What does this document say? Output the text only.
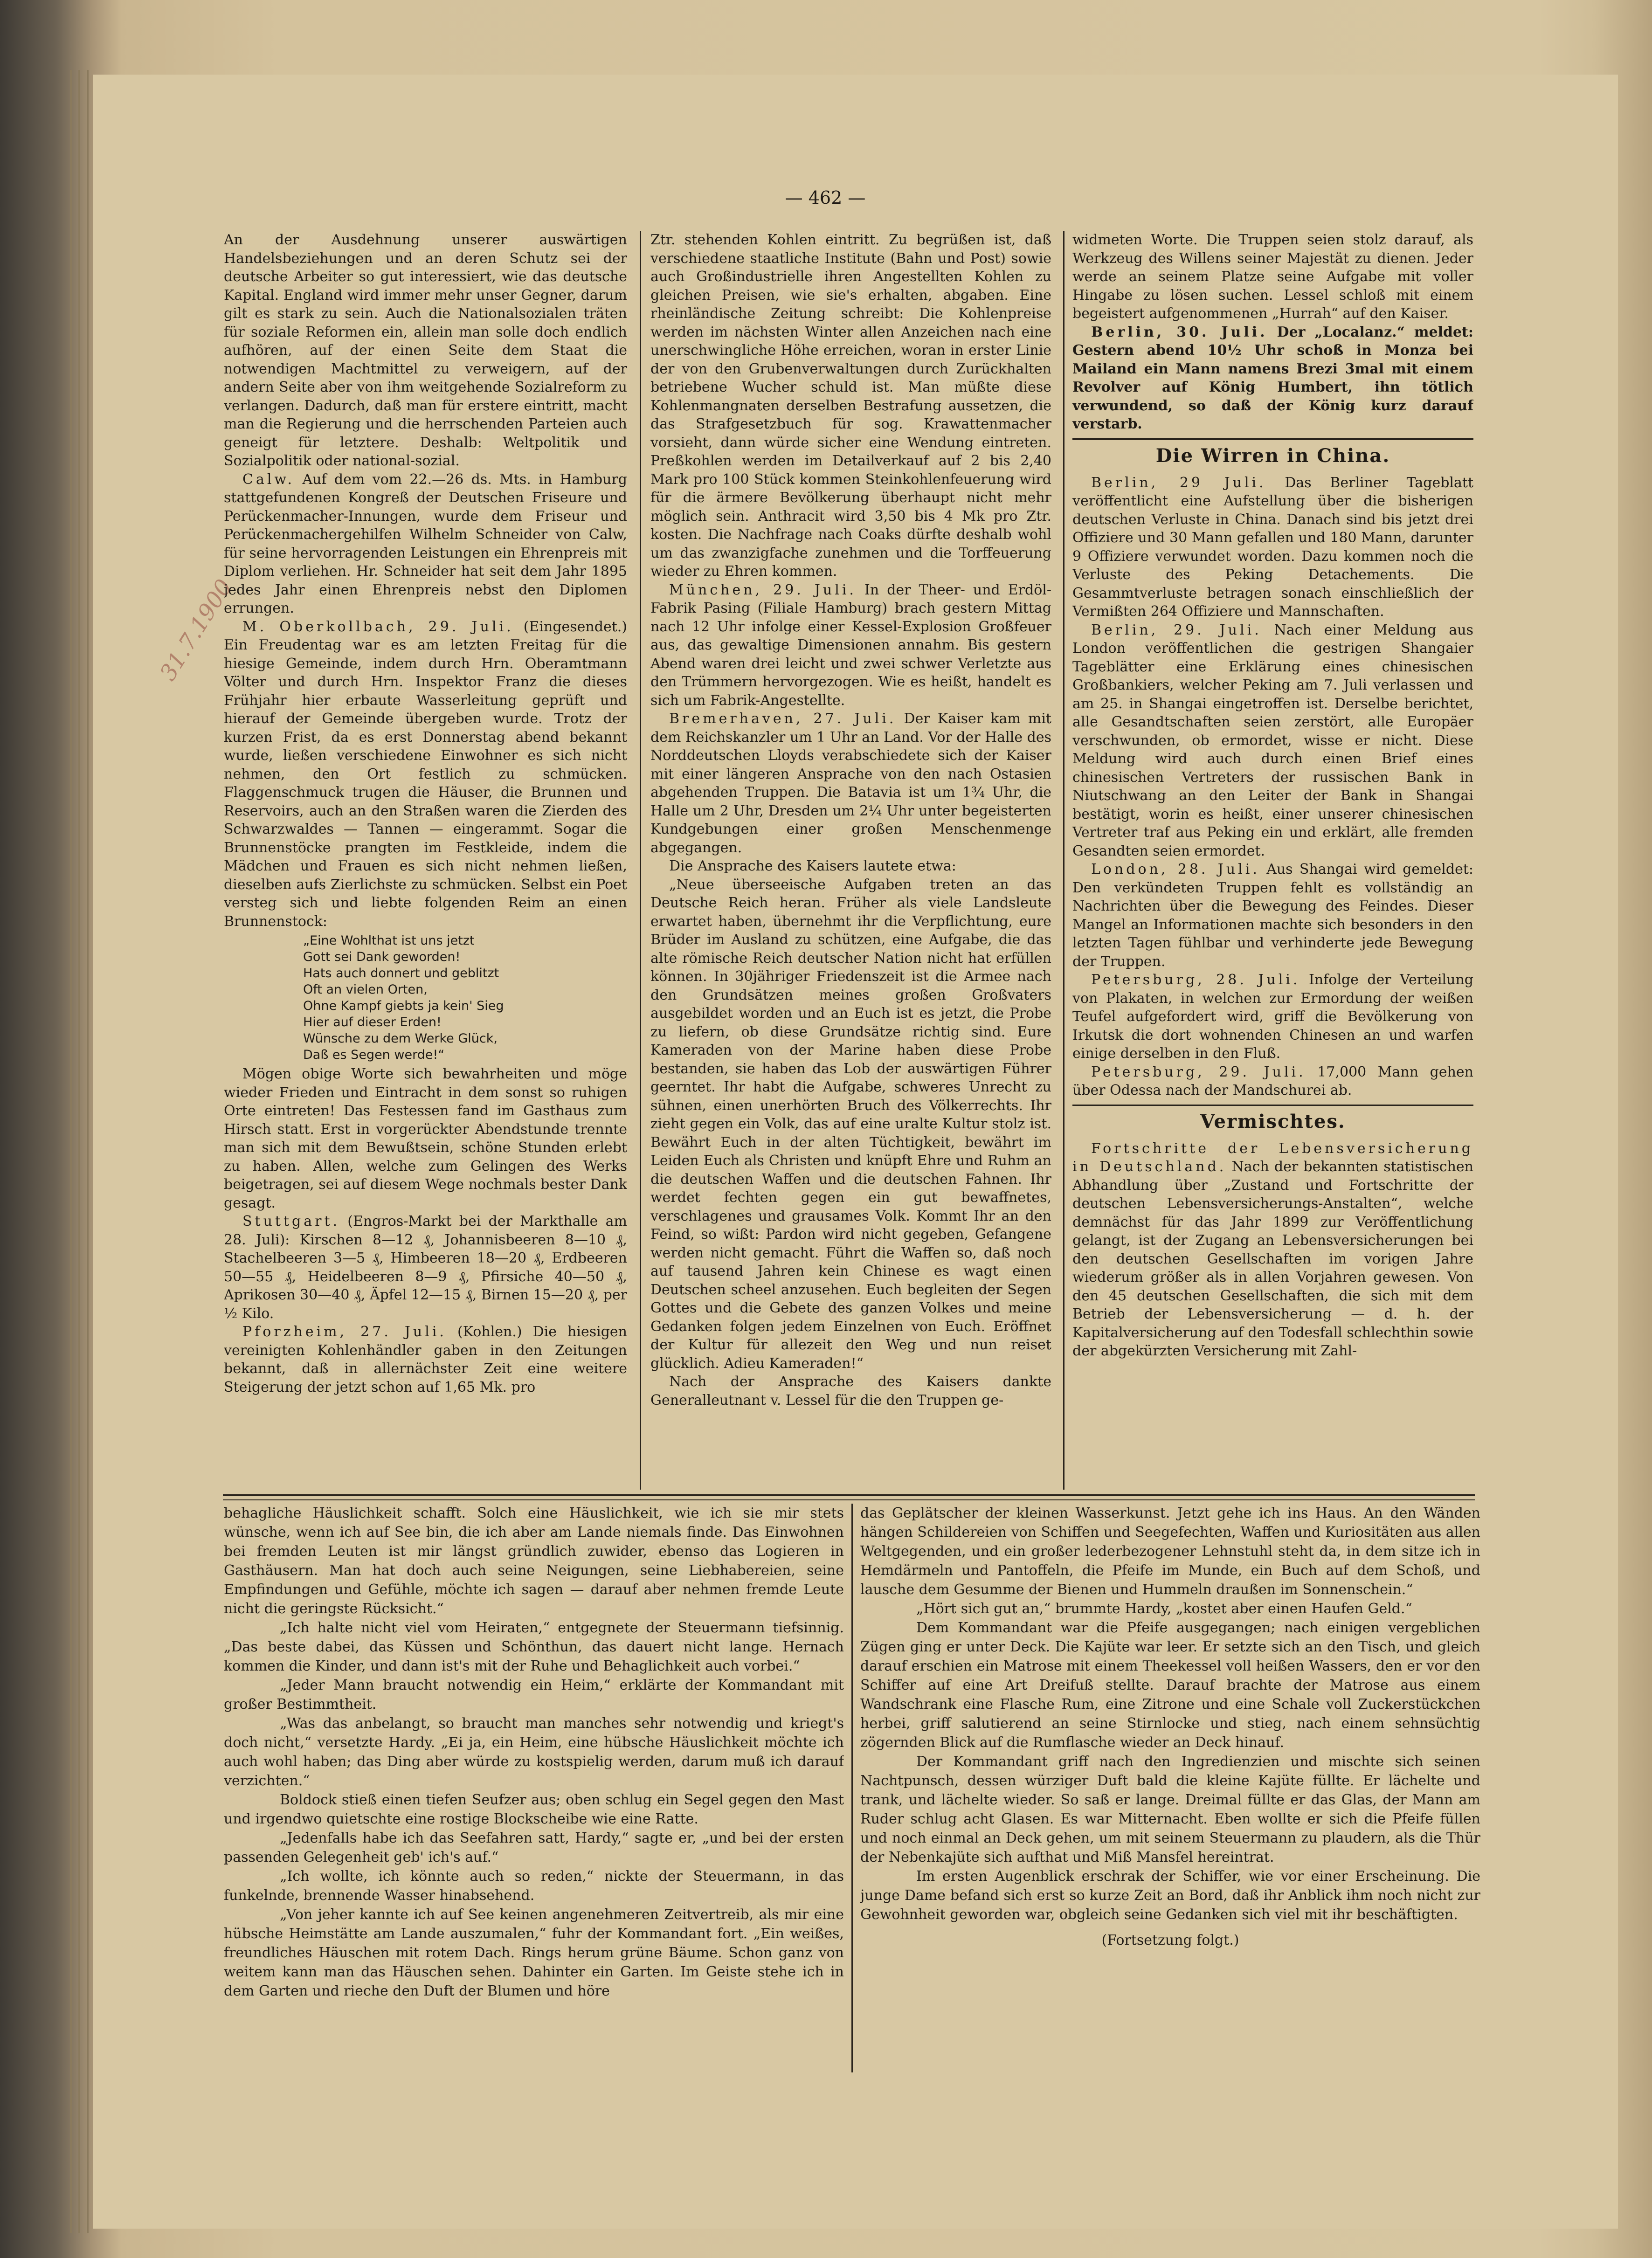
— 462 —
31.7.1900

An der Ausdehnung unserer auswärtigen Handelsbeziehungen und an deren Schutz sei der deutsche Arbeiter so gut interessiert, wie das deutsche Kapital. England wird immer mehr unser Gegner, darum gilt es stark zu sein. Auch die Nationalsozialen träten für soziale Reformen ein, allein man solle doch endlich aufhören, auf der einen Seite dem Staat die notwendigen Machtmittel zu verweigern, auf der andern Seite aber von ihm weitgehende Sozialreform zu verlangen. Dadurch, daß man für erstere eintritt, macht man die Regierung und die herrschenden Parteien auch geneigt für letztere. Deshalb: Weltpolitik und Sozialpolitik oder national-sozial.

Calw. Auf dem vom 22.—26 ds. Mts. in Hamburg stattgefundenen Kongreß der Deutschen Friseure und Perückenmacher-Innungen, wurde dem Friseur und Perückenmachergehilfen Wilhelm Schneider von Calw, für seine hervorragenden Leistungen ein Ehrenpreis mit Diplom verliehen. Hr. Schneider hat seit dem Jahr 1895 jedes Jahr einen Ehrenpreis nebst den Diplomen errungen.

M. Oberkollbach, 29. Juli. (Eingesendet.) Ein Freudentag war es am letzten Freitag für die hiesige Gemeinde, indem durch Hrn. Oberamtmann Völter und durch Hrn. Inspektor Franz die dieses Frühjahr hier erbaute Wasserleitung geprüft und hierauf der Gemeinde übergeben wurde. Trotz der kurzen Frist, da es erst Donnerstag abend bekannt wurde, ließen verschiedene Einwohner es sich nicht nehmen, den Ort festlich zu schmücken. Flaggenschmuck trugen die Häuser, die Brunnen und Reservoirs, auch an den Straßen waren die Zierden des Schwarzwaldes — Tannen — eingerammt. Sogar die Brunnenstöcke prangten im Festkleide, indem die Mädchen und Frauen es sich nicht nehmen ließen, dieselben aufs Zierlichste zu schmücken. Selbst ein Poet versteg sich und liebte folgenden Reim an einen Brunnenstock:

„Eine Wohlthat ist uns jetzt
Gott sei Dank geworden!
Hats auch donnert und geblitzt
Oft an vielen Orten,
Ohne Kampf giebts ja kein' Sieg
Hier auf dieser Erden!
Wünsche zu dem Werke Glück,
Daß es Segen werde!“

Mögen obige Worte sich bewahrheiten und möge wieder Frieden und Eintracht in dem sonst so ruhigen Orte eintreten! Das Festessen fand im Gasthaus zum Hirsch statt. Erst in vorgerückter Abendstunde trennte man sich mit dem Bewußtsein, schöne Stunden erlebt zu haben. Allen, welche zum Gelingen des Werks beigetragen, sei auf diesem Wege nochmals bester Dank gesagt.

Stuttgart. (Engros-Markt bei der Markthalle am 28. Juli): Kirschen 8—12 ₰, Johannisbeeren 8—10 ₰, Stachelbeeren 3—5 ₰, Himbeeren 18—20 ₰, Erdbeeren 50—55 ₰, Heidelbeeren 8—9 ₰, Pfirsiche 40—50 ₰, Aprikosen 30—40 ₰, Äpfel 12—15 ₰, Birnen 15—20 ₰, per ½ Kilo.

Pforzheim, 27. Juli. (Kohlen.) Die hiesigen vereinigten Kohlenhändler gaben in den Zeitungen bekannt, daß in allernächster Zeit eine weitere Steigerung der jetzt schon auf 1,65 Mk. pro

Ztr. stehenden Kohlen eintritt. Zu begrüßen ist, daß verschiedene staatliche Institute (Bahn und Post) sowie auch Großindustrielle ihren Angestellten Kohlen zu gleichen Preisen, wie sie's erhalten, abgaben. Eine rheinländische Zeitung schreibt: Die Kohlenpreise werden im nächsten Winter allen Anzeichen nach eine unerschwingliche Höhe erreichen, woran in erster Linie der von den Grubenverwaltungen durch Zurückhalten betriebene Wucher schuld ist. Man müßte diese Kohlenmangnaten derselben Bestrafung aussetzen, die das Strafgesetzbuch für sog. Krawattenmacher vorsieht, dann würde sicher eine Wendung eintreten. Preßkohlen werden im Detailverkauf auf 2 bis 2,40 Mark pro 100 Stück kommen Steinkohlenfeuerung wird für die ärmere Bevölkerung überhaupt nicht mehr möglich sein. Anthracit wird 3,50 bis 4 Mk pro Ztr. kosten. Die Nachfrage nach Coaks dürfte deshalb wohl um das zwanzigfache zunehmen und die Torffeuerung wieder zu Ehren kommen.

München, 29. Juli. In der Theer- und Erdöl-Fabrik Pasing (Filiale Hamburg) brach gestern Mittag nach 12 Uhr infolge einer Kessel-Explosion Großfeuer aus, das gewaltige Dimensionen annahm. Bis gestern Abend waren drei leicht und zwei schwer Verletzte aus den Trümmern hervorgezogen. Wie es heißt, handelt es sich um Fabrik-Angestellte.

Bremerhaven, 27. Juli. Der Kaiser kam mit dem Reichskanzler um 1 Uhr an Land. Vor der Halle des Norddeutschen Lloyds verabschiedete sich der Kaiser mit einer längeren Ansprache von den nach Ostasien abgehenden Truppen. Die Batavia ist um 1¾ Uhr, die Halle um 2 Uhr, Dresden um 2¼ Uhr unter begeisterten Kundgebungen einer großen Menschenmenge abgegangen.

Die Ansprache des Kaisers lautete etwa:

„Neue überseeische Aufgaben treten an das Deutsche Reich heran. Früher als viele Landsleute erwartet haben, übernehmt ihr die Verpflichtung, eure Brüder im Ausland zu schützen, eine Aufgabe, die das alte römische Reich deutscher Nation nicht hat erfüllen können. In 30jähriger Friedenszeit ist die Armee nach den Grundsätzen meines großen Großvaters ausgebildet worden und an Euch ist es jetzt, die Probe zu liefern, ob diese Grundsätze richtig sind. Eure Kameraden von der Marine haben diese Probe bestanden, sie haben das Lob der auswärtigen Führer geerntet. Ihr habt die Aufgabe, schweres Unrecht zu sühnen, einen unerhörten Bruch des Völkerrechts. Ihr zieht gegen ein Volk, das auf eine uralte Kultur stolz ist. Bewährt Euch in der alten Tüchtigkeit, bewährt im Leiden Euch als Christen und knüpft Ehre und Ruhm an die deutschen Waffen und die deutschen Fahnen. Ihr werdet fechten gegen ein gut bewaffnetes, verschlagenes und grausames Volk. Kommt Ihr an den Feind, so wißt: Pardon wird nicht gegeben, Gefangene werden nicht gemacht. Führt die Waffen so, daß noch auf tausend Jahren kein Chinese es wagt einen Deutschen scheel anzusehen. Euch begleiten der Segen Gottes und die Gebete des ganzen Volkes und meine Gedanken folgen jedem Einzelnen von Euch. Eröffnet der Kultur für allezeit den Weg und nun reiset glücklich. Adieu Kameraden!“

Nach der Ansprache des Kaisers dankte Generalleutnant v. Lessel für die den Truppen ge-

widmeten Worte. Die Truppen seien stolz darauf, als Werkzeug des Willens seiner Majestät zu dienen. Jeder werde an seinem Platze seine Aufgabe mit voller Hingabe zu lösen suchen. Lessel schloß mit einem begeistert aufgenommenen „Hurrah“ auf den Kaiser.

Berlin, 30. Juli. Der „Localanz.“ meldet: Gestern abend 10½ Uhr schoß in Monza bei Mailand ein Mann namens Brezi 3mal mit einem Revolver auf König Humbert, ihn tötlich verwundend, so daß der König kurz darauf verstarb.

Die Wirren in China.

Berlin, 29 Juli. Das Berliner Tageblatt veröffentlicht eine Aufstellung über die bisherigen deutschen Verluste in China. Danach sind bis jetzt drei Offiziere und 30 Mann gefallen und 180 Mann, darunter 9 Offiziere verwundet worden. Dazu kommen noch die Verluste des Peking Detachements. Die Gesammtverluste betragen sonach einschließlich der Vermißten 264 Offiziere und Mannschaften.

Berlin, 29. Juli. Nach einer Meldung aus London veröffentlichen die gestrigen Shangaier Tageblätter eine Erklärung eines chinesischen Großbankiers, welcher Peking am 7. Juli verlassen und am 25. in Shangai eingetroffen ist. Derselbe berichtet, alle Gesandtschaften seien zerstört, alle Europäer verschwunden, ob ermordet, wisse er nicht. Diese Meldung wird auch durch einen Brief eines chinesischen Vertreters der russischen Bank in Niutschwang an den Leiter der Bank in Shangai bestätigt, worin es heißt, einer unserer chinesischen Vertreter traf aus Peking ein und erklärt, alle fremden Gesandten seien ermordet.

London, 28. Juli. Aus Shangai wird gemeldet: Den verkündeten Truppen fehlt es vollständig an Nachrichten über die Bewegung des Feindes. Dieser Mangel an Informationen machte sich besonders in den letzten Tagen fühlbar und verhinderte jede Bewegung der Truppen.

Petersburg, 28. Juli. Infolge der Verteilung von Plakaten, in welchen zur Ermordung der weißen Teufel aufgefordert wird, griff die Bevölkerung von Irkutsk die dort wohnenden Chinesen an und warfen einige derselben in den Fluß.

Petersburg, 29. Juli. 17,000 Mann gehen über Odessa nach der Mandschurei ab.

Vermischtes.

Fortschritte der Lebensversicherung in Deutschland. Nach der bekannten statistischen Abhandlung über „Zustand und Fortschritte der deutschen Lebensversicherungs-Anstalten“, welche demnächst für das Jahr 1899 zur Veröffentlichung gelangt, ist der Zugang an Lebensversicherungen bei den deutschen Gesellschaften im vorigen Jahre wiederum größer als in allen Vorjahren gewesen. Von den 45 deutschen Gesellschaften, die sich mit dem Betrieb der Lebensversicherung — d. h. der Kapitalversicherung auf den Todesfall schlechthin sowie der abgekürzten Versicherung mit Zahl-

behagliche Häuslichkeit schafft. Solch eine Häuslichkeit, wie ich sie mir stets wünsche, wenn ich auf See bin, die ich aber am Lande niemals finde. Das Einwohnen bei fremden Leuten ist mir längst gründlich zuwider, ebenso das Logieren in Gasthäusern. Man hat doch auch seine Neigungen, seine Liebhabereien, seine Empfindungen und Gefühle, möchte ich sagen — darauf aber nehmen fremde Leute nicht die geringste Rücksicht.“

„Ich halte nicht viel vom Heiraten,“ entgegnete der Steuermann tiefsinnig. „Das beste dabei, das Küssen und Schönthun, das dauert nicht lange. Hernach kommen die Kinder, und dann ist's mit der Ruhe und Behaglichkeit auch vorbei.“

„Jeder Mann braucht notwendig ein Heim,“ erklärte der Kommandant mit großer Bestimmtheit.

„Was das anbelangt, so braucht man manches sehr notwendig und kriegt's doch nicht,“ versetzte Hardy. „Ei ja, ein Heim, eine hübsche Häuslichkeit möchte ich auch wohl haben; das Ding aber würde zu kostspielig werden, darum muß ich darauf verzichten.“

Boldock stieß einen tiefen Seufzer aus; oben schlug ein Segel gegen den Mast und irgendwo quietschte eine rostige Blockscheibe wie eine Ratte.

„Jedenfalls habe ich das Seefahren satt, Hardy,“ sagte er, „und bei der ersten passenden Gelegenheit geb' ich's auf.“

„Ich wollte, ich könnte auch so reden,“ nickte der Steuermann, in das funkelnde, brennende Wasser hinabsehend.

„Von jeher kannte ich auf See keinen angenehmeren Zeitvertreib, als mir eine hübsche Heimstätte am Lande auszumalen,“ fuhr der Kommandant fort. „Ein weißes, freundliches Häuschen mit rotem Dach. Rings herum grüne Bäume. Schon ganz von weitem kann man das Häuschen sehen. Dahinter ein Garten. Im Geiste stehe ich in dem Garten und rieche den Duft der Blumen und höre

das Geplätscher der kleinen Wasserkunst. Jetzt gehe ich ins Haus. An den Wänden hängen Schildereien von Schiffen und Seegefechten, Waffen und Kuriositäten aus allen Weltgegenden, und ein großer lederbezogener Lehnstuhl steht da, in dem sitze ich in Hemdärmeln und Pantoffeln, die Pfeife im Munde, ein Buch auf dem Schoß, und lausche dem Gesumme der Bienen und Hummeln draußen im Sonnenschein.“

„Hört sich gut an,“ brummte Hardy, „kostet aber einen Haufen Geld.“

Dem Kommandant war die Pfeife ausgegangen; nach einigen vergeblichen Zügen ging er unter Deck. Die Kajüte war leer. Er setzte sich an den Tisch, und gleich darauf erschien ein Matrose mit einem Theekessel voll heißen Wassers, den er vor den Schiffer auf eine Art Dreifuß stellte. Darauf brachte der Matrose aus einem Wandschrank eine Flasche Rum, eine Zitrone und eine Schale voll Zuckerstückchen herbei, griff salutierend an seine Stirnlocke und stieg, nach einem sehnsüchtig zögernden Blick auf die Rumflasche wieder an Deck hinauf.

Der Kommandant griff nach den Ingredienzien und mischte sich seinen Nachtpunsch, dessen würziger Duft bald die kleine Kajüte füllte. Er lächelte und trank, und lächelte wieder. So saß er lange. Dreimal füllte er das Glas, der Mann am Ruder schlug acht Glasen. Es war Mitternacht. Eben wollte er sich die Pfeife füllen und noch einmal an Deck gehen, um mit seinem Steuermann zu plaudern, als die Thür der Nebenkajüte sich aufthat und Miß Mansfel hereintrat.

Im ersten Augenblick erschrak der Schiffer, wie vor einer Erscheinung. Die junge Dame befand sich erst so kurze Zeit an Bord, daß ihr Anblick ihm noch nicht zur Gewohnheit geworden war, obgleich seine Gedanken sich viel mit ihr beschäftigten.

(Fortsetzung folgt.)
